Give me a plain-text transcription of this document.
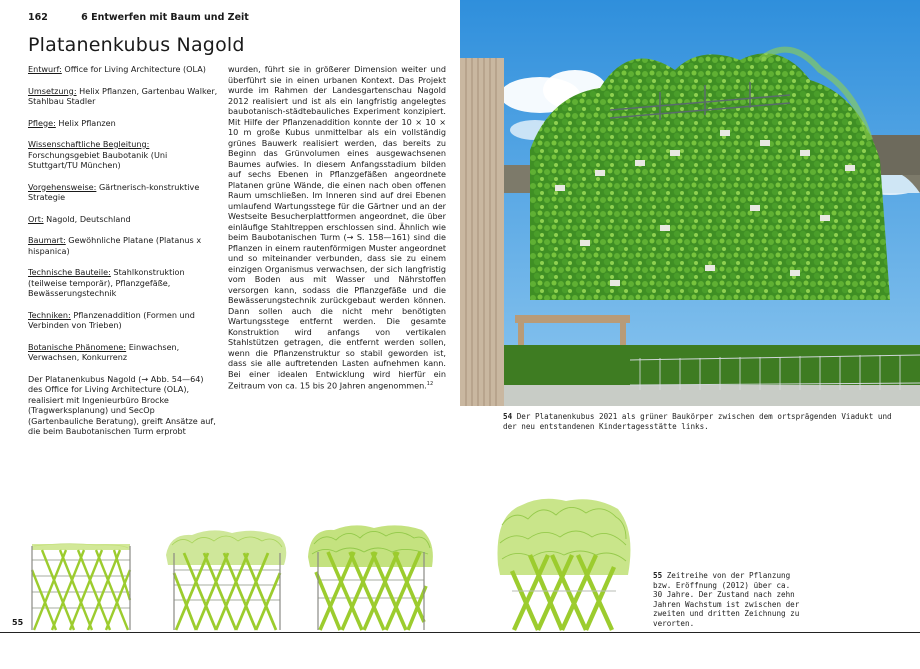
162	6 Entwerfen mit Baum und Zeit
Platanenkubus Nagold

Entwurf: Office for Living Architecture (OLA)

Umsetzung: Helix Pflanzen, Gartenbau Walker, Stahlbau Stadler

Pflege: Helix Pflanzen

Wissenschaftliche Begleitung: Forschungsgebiet Baubotanik (Uni Stuttgart/TU München)

Vorgehensweise: Gärtnerisch-konstruktive Strategie

Ort: Nagold, Deutschland

Baumart: Gewöhnliche Platane (Platanus x hispanica)

Technische Bauteile: Stahlkonstruktion (teilweise temporär), Pflanzgefäße, Bewässerungstechnik

Techniken: Pflanzenaddition (Formen und Verbinden von Trieben)

Botanische Phänomene: Einwachsen, Verwachsen, Konkurrenz

Der Platanenkubus Nagold (→ Abb. 54—64) des Office for Living Architecture (OLA), realisiert mit Ingenieurbüro Brocke (Tragwerksplanung) und SecOp (Gartenbauliche Beratung), greift Ansätze auf, die beim Baubotanischen Turm erprobt

wurden, führt sie in größerer Dimension weiter und überführt sie in einen urbanen Kontext. Das Projekt wurde im Rahmen der Landesgartenschau Nagold 2012 realisiert und ist als ein langfristig angelegtes baubotanisch-städtebauliches Experiment konzipiert. Mit Hilfe der Pflanzenaddition konnte der 10 × 10 × 10 m große Kubus unmittelbar als ein vollständig grünes Bauwerk realisiert werden, das bereits zu Beginn das Grünvolumen eines ausgewachsenen Baumes aufwies. In diesem Anfangsstadium bilden auf sechs Ebenen in Pflanzgefäßen angeordnete Platanen grüne Wände, die einen nach oben offenen Raum umschließen. Im Inneren sind auf drei Ebenen umlaufend Wartungsstege für die Gärtner und an der Westseite Besucherplattformen angeordnet, die über einläufige Stahltreppen erschlossen sind. Ähnlich wie beim Baubotanischen Turm (→ S. 158—161) sind die Pflanzen in einem rautenförmigen Muster angeordnet und so miteinander verbunden, dass sie zu einem einzigen Organismus verwachsen, der sich langfristig vom Boden aus mit Wasser und Nährstoffen versorgen kann, sodass die Pflanzgefäße und die Bewässerungstechnik zurückgebaut werden können. Dann sollen auch die nicht mehr benötigten Wartungsstege entfernt werden. Die gesamte Konstruktion wird anfangs von vertikalen Stahlstützen getragen, die entfernt werden sollen, wenn die Pflanzenstruktur so stabil geworden ist, dass sie alle auftretenden Lasten aufnehmen kann. Bei einer idealen Entwicklung wird hierfür ein Zeitraum von ca. 15 bis 20 Jahren angenommen.$^{12}$

54 Der Platanenkubus 2021 als grüner Baukörper zwischen dem ortsprägenden Viadukt und der neu entstandenen Kindertagesstätte links.
55 Zeitreihe von der Pflanzung bzw. Eröffnung (2012) über ca. 30 Jahre. Der Zustand nach zehn Jahren Wachstum ist zwischen der zweiten und dritten Zeichnung zu verorten.
55
